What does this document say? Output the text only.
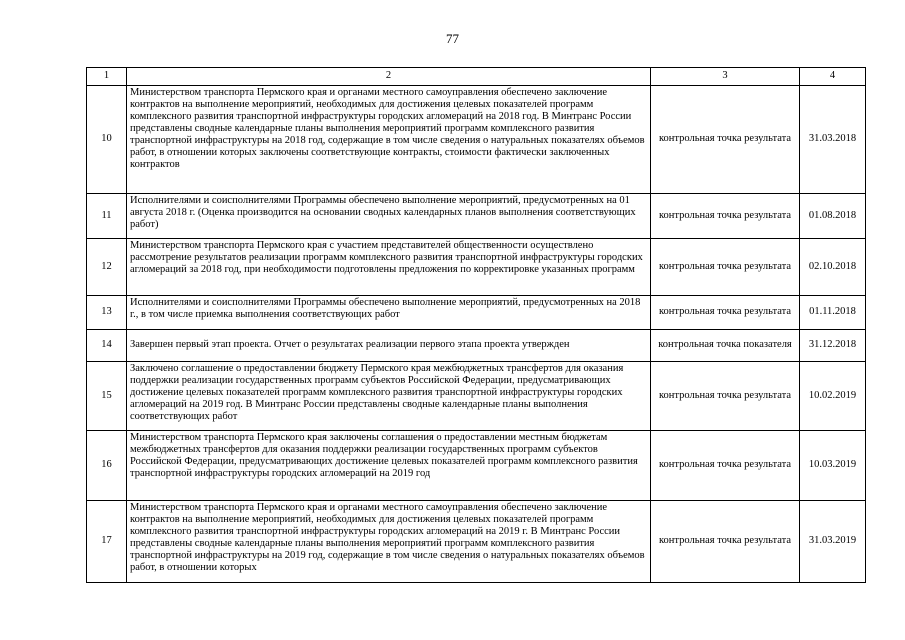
77
1	2	3	4
10	Министерством транспорта Пермского края и органами местного самоуправления обеспечено заключение контрактов на выполнение мероприятий, необходимых для достижения целевых показателей программ комплексного развития транспортной инфраструктуры городских агломераций на 2018 год. В Минтранс России представлены сводные календарные планы выполнения мероприятий программ комплексного развития транспортной инфраструктуры на 2018 год, содержащие в том числе сведения о натуральных показателях объемов работ, в отношении которых заключены соответствующие контракты, стоимости фактически заключенных контрактов	контрольная точка результата	31.03.2018
11	Исполнителями и соисполнителями Программы обеспечено выполнение мероприятий, предусмотренных на 01 августа 2018 г. (Оценка производится на основании сводных календарных планов выполнения соответствующих работ)	контрольная точка результата	01.08.2018
12	Министерством транспорта Пермского края с участием представителей общественности осуществлено рассмотрение результатов реализации программ комплексного развития транспортной инфраструктуры городских агломераций за 2018 год, при необходимости подготовлены предложения по корректировке указанных программ	контрольная точка результата	02.10.2018
13	Исполнителями и соисполнителями Программы обеспечено выполнение мероприятий, предусмотренных на 2018 г., в том числе приемка выполнения соответствующих работ	контрольная точка результата	01.11.2018
14	Завершен первый этап проекта. Отчет о результатах реализации первого этапа проекта утвержден	контрольная точка показателя	31.12.2018
15	Заключено соглашение о предоставлении бюджету Пермского края межбюджетных трансфертов для оказания поддержки реализации государственных программ субъектов Российской Федерации, предусматривающих достижение целевых показателей программ комплексного развития транспортной инфраструктуры городских агломераций на 2019 год. В Минтранс России представлены сводные календарные планы выполнения соответствующих работ	контрольная точка результата	10.02.2019
16	Министерством транспорта Пермского края заключены соглашения о предоставлении местным бюджетам межбюджетных трансфертов для оказания поддержки реализации государственных программ субъектов Российской Федерации, предусматривающих достижение целевых показателей программ комплексного развития транспортной инфраструктуры городских агломераций на 2019 год	контрольная точка результата	10.03.2019
17	Министерством транспорта Пермского края и органами местного самоуправления обеспечено заключение контрактов на выполнение мероприятий, необходимых для достижения целевых показателей программ комплексного развития транспортной инфраструктуры городских агломераций на 2019 г. В Минтранс России представлены сводные календарные планы выполнения мероприятий программ комплексного развития транспортной инфраструктуры на 2019 год, содержащие в том числе сведения о натуральных показателях объемов работ, в отношении которых	контрольная точка результата	31.03.2019
